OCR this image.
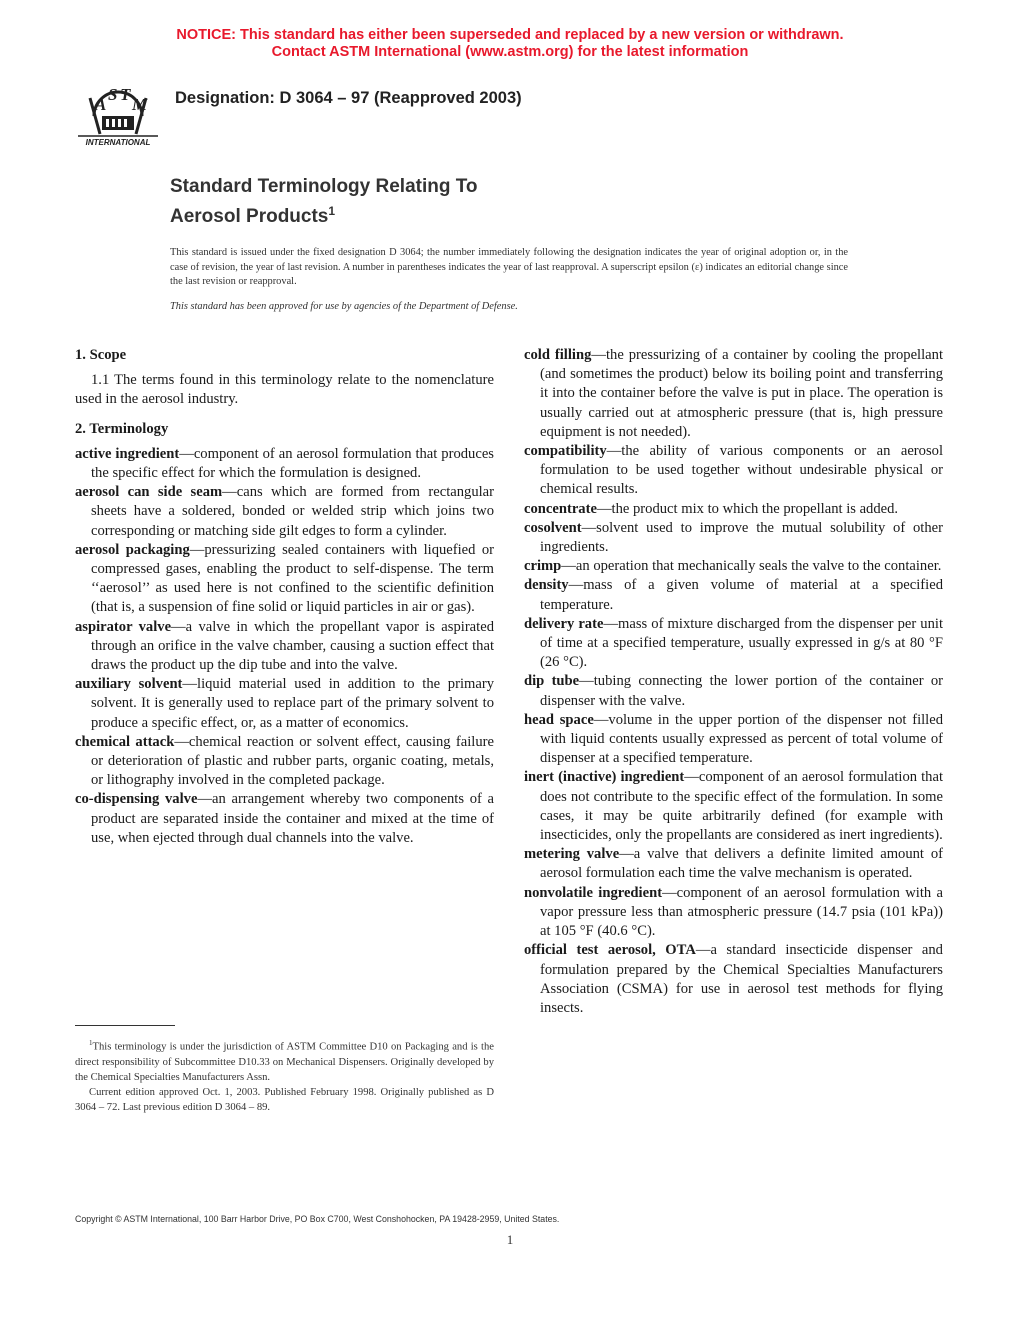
NOTICE: This standard has either been superseded and replaced by a new version or withdrawn.
Contact ASTM International (www.astm.org) for the latest information
A
S T
M
INTERNATIONAL
Designation: D 3064 – 97 (Reapproved 2003)
Standard Terminology Relating To
Aerosol Products$^1$
This standard is issued under the fixed designation D 3064; the number immediately following the designation indicates the year of original adoption or, in the case of revision, the year of last revision. A number in parentheses indicates the year of last reapproval. A superscript epsilon (ε) indicates an editorial change since the last revision or reapproval.
This standard has been approved for use by agencies of the Department of Defense.
1. Scope

1.1 The terms found in this terminology relate to the nomenclature used in the aerosol industry.

2. Terminology

active ingredient—component of an aerosol formulation that produces the specific effect for which the formulation is designed.

aerosol can side seam—cans which are formed from rectangular sheets have a soldered, bonded or welded strip which joins two corresponding or matching side gilt edges to form a cylinder.

aerosol packaging—pressurizing sealed containers with liquefied or compressed gases, enabling the product to self-dispense. The term ‘‘aerosol’’ as used here is not confined to the scientific definition (that is, a suspension of fine solid or liquid particles in air or gas).

aspirator valve—a valve in which the propellant vapor is aspirated through an orifice in the valve chamber, causing a suction effect that draws the product up the dip tube and into the valve.

auxiliary solvent—liquid material used in addition to the primary solvent. It is generally used to replace part of the primary solvent to produce a specific effect, or, as a matter of economics.

chemical attack—chemical reaction or solvent effect, causing failure or deterioration of plastic and rubber parts, organic coating, metals, or lithography involved in the completed package.

co-dispensing valve—an arrangement whereby two components of a product are separated inside the container and mixed at the time of use, when ejected through dual channels into the valve.

cold filling—the pressurizing of a container by cooling the propellant (and sometimes the product) below its boiling point and transferring it into the container before the valve is put in place. The operation is usually carried out at atmospheric pressure (that is, high pressure equipment is not needed).

compatibility—the ability of various components or an aerosol formulation to be used together without undesirable physical or chemical results.

concentrate—the product mix to which the propellant is added.

cosolvent—solvent used to improve the mutual solubility of other ingredients.

crimp—an operation that mechanically seals the valve to the container.

density—mass of a given volume of material at a specified temperature.

delivery rate—mass of mixture discharged from the dispenser per unit of time at a specified temperature, usually expressed in g/s at 80 °F (26 °C).

dip tube—tubing connecting the lower portion of the container or dispenser with the valve.

head space—volume in the upper portion of the dispenser not filled with liquid contents usually expressed as percent of total volume of dispenser at a specified temperature.

inert (inactive) ingredient—component of an aerosol formulation that does not contribute to the specific effect of the formulation. In some cases, it may be quite arbitrarily defined (for example with insecticides, only the propellants are considered as inert ingredients).

metering valve—a valve that delivers a definite limited amount of aerosol formulation each time the valve mechanism is operated.

nonvolatile ingredient—component of an aerosol formulation with a vapor pressure less than atmospheric pressure (14.7 psia (101 kPa)) at 105 °F (40.6 °C).

official test aerosol, OTA—a standard insecticide dispenser and formulation prepared by the Chemical Specialties Manufacturers Association (CSMA) for use in aerosol test methods for flying insects.

$^1$This terminology is under the jurisdiction of ASTM Committee D10 on Packaging and is the direct responsibility of Subcommittee D10.33 on Mechanical Dispensers. Originally developed by the Chemical Specialties Manufacturers Assn.

Current edition approved Oct. 1, 2003. Published February 1998. Originally published as D 3064 – 72. Last previous edition D 3064 – 89.

Copyright © ASTM International, 100 Barr Harbor Drive, PO Box C700, West Conshohocken, PA 19428-2959, United States.
1
